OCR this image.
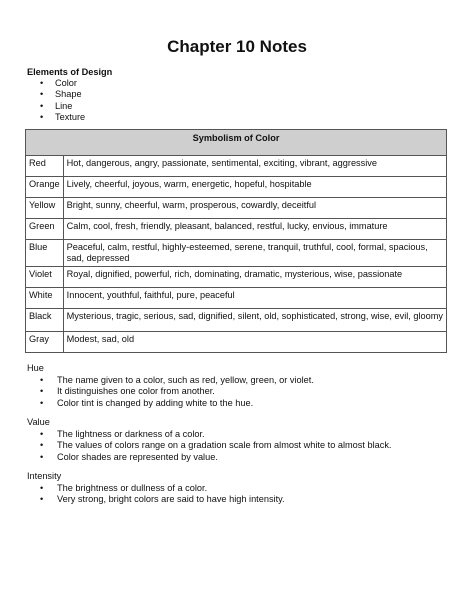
Chapter 10 Notes
Elements of Design
• Color
• Shape
• Line
• Texture
Symbolism of Color	
Red	Hot, dangerous, angry, passionate, sentimental, exciting, vibrant, aggressive
Orange	Lively, cheerful, joyous, warm, energetic, hopeful, hospitable
Yellow	Bright, sunny, cheerful, warm, prosperous, cowardly, deceitful
Green	Calm, cool, fresh, friendly, pleasant, balanced, restful, lucky, envious, immature
Blue	Peaceful, calm, restful, highly-esteemed, serene, tranquil, truthful, cool, formal, spacious, sad, depressed
Violet	Royal, dignified, powerful, rich, dominating, dramatic, mysterious, wise, passionate
White	Innocent, youthful, faithful, pure, peaceful
Black	Mysterious, tragic, serious, sad, dignified, silent, old, sophisticated, strong, wise, evil, gloomy
Gray	Modest, sad, old
Hue
• The name given to a color, such as red, yellow, green, or violet.
• It distinguishes one color from another.
• Color tint is changed by adding white to the hue.
Value
• The lightness or darkness of a color.
• The values of colors range on a gradation scale from almost white to almost black.
• Color shades are represented by value.
Intensity
• The brightness or dullness of a color.
• Very strong, bright colors are said to have high intensity.
